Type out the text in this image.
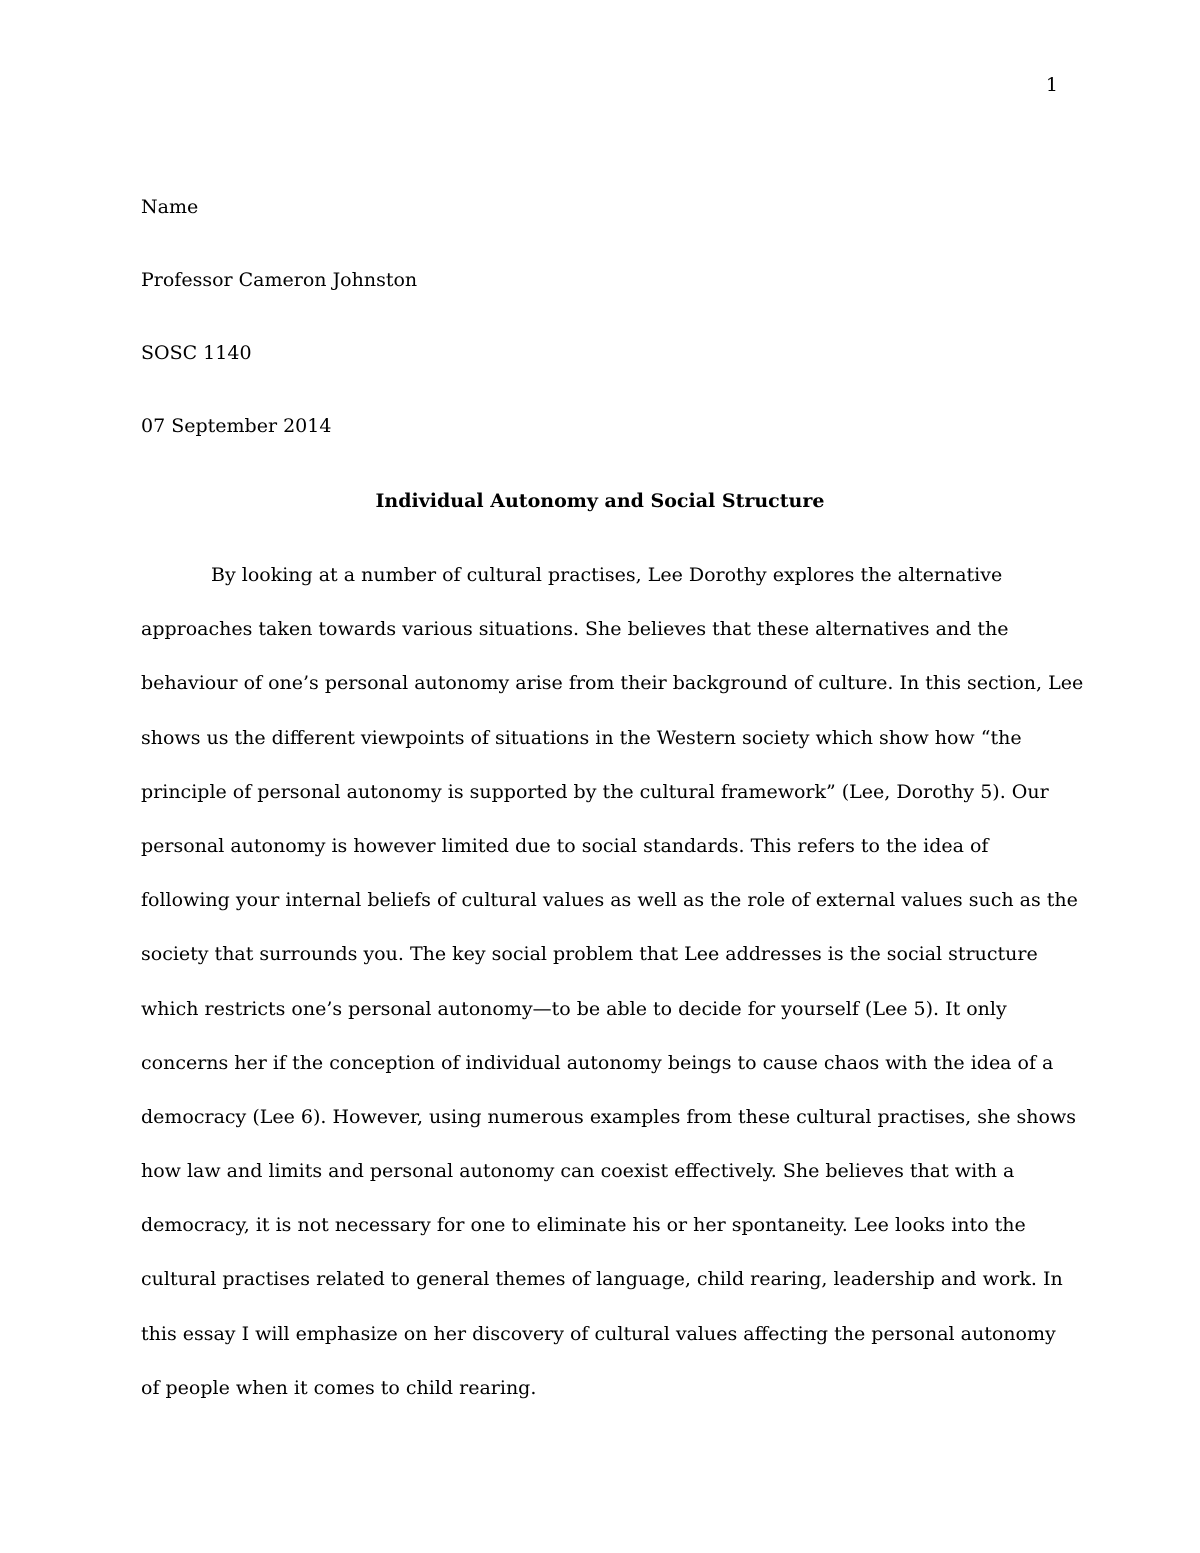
1
Name
Professor Cameron Johnston
SOSC 1140
07 September 2014
Individual Autonomy and Social Structure
By looking at a number of cultural practises, Lee Dorothy explores the alternative
approaches taken towards various situations. She believes that these alternatives and the
behaviour of one’s personal autonomy arise from their background of culture. In this section, Lee
shows us the different viewpoints of situations in the Western society which show how “the
principle of personal autonomy is supported by the cultural framework” (Lee, Dorothy 5). Our
personal autonomy is however limited due to social standards. This refers to the idea of
following your internal beliefs of cultural values as well as the role of external values such as the
society that surrounds you. The key social problem that Lee addresses is the social structure
which restricts one’s personal autonomy—to be able to decide for yourself (Lee 5). It only
concerns her if the conception of individual autonomy beings to cause chaos with the idea of a
democracy (Lee 6). However, using numerous examples from these cultural practises, she shows
how law and limits and personal autonomy can coexist effectively. She believes that with a
democracy, it is not necessary for one to eliminate his or her spontaneity. Lee looks into the
cultural practises related to general themes of language, child rearing, leadership and work. In
this essay I will emphasize on her discovery of cultural values affecting the personal autonomy
of people when it comes to child rearing.
